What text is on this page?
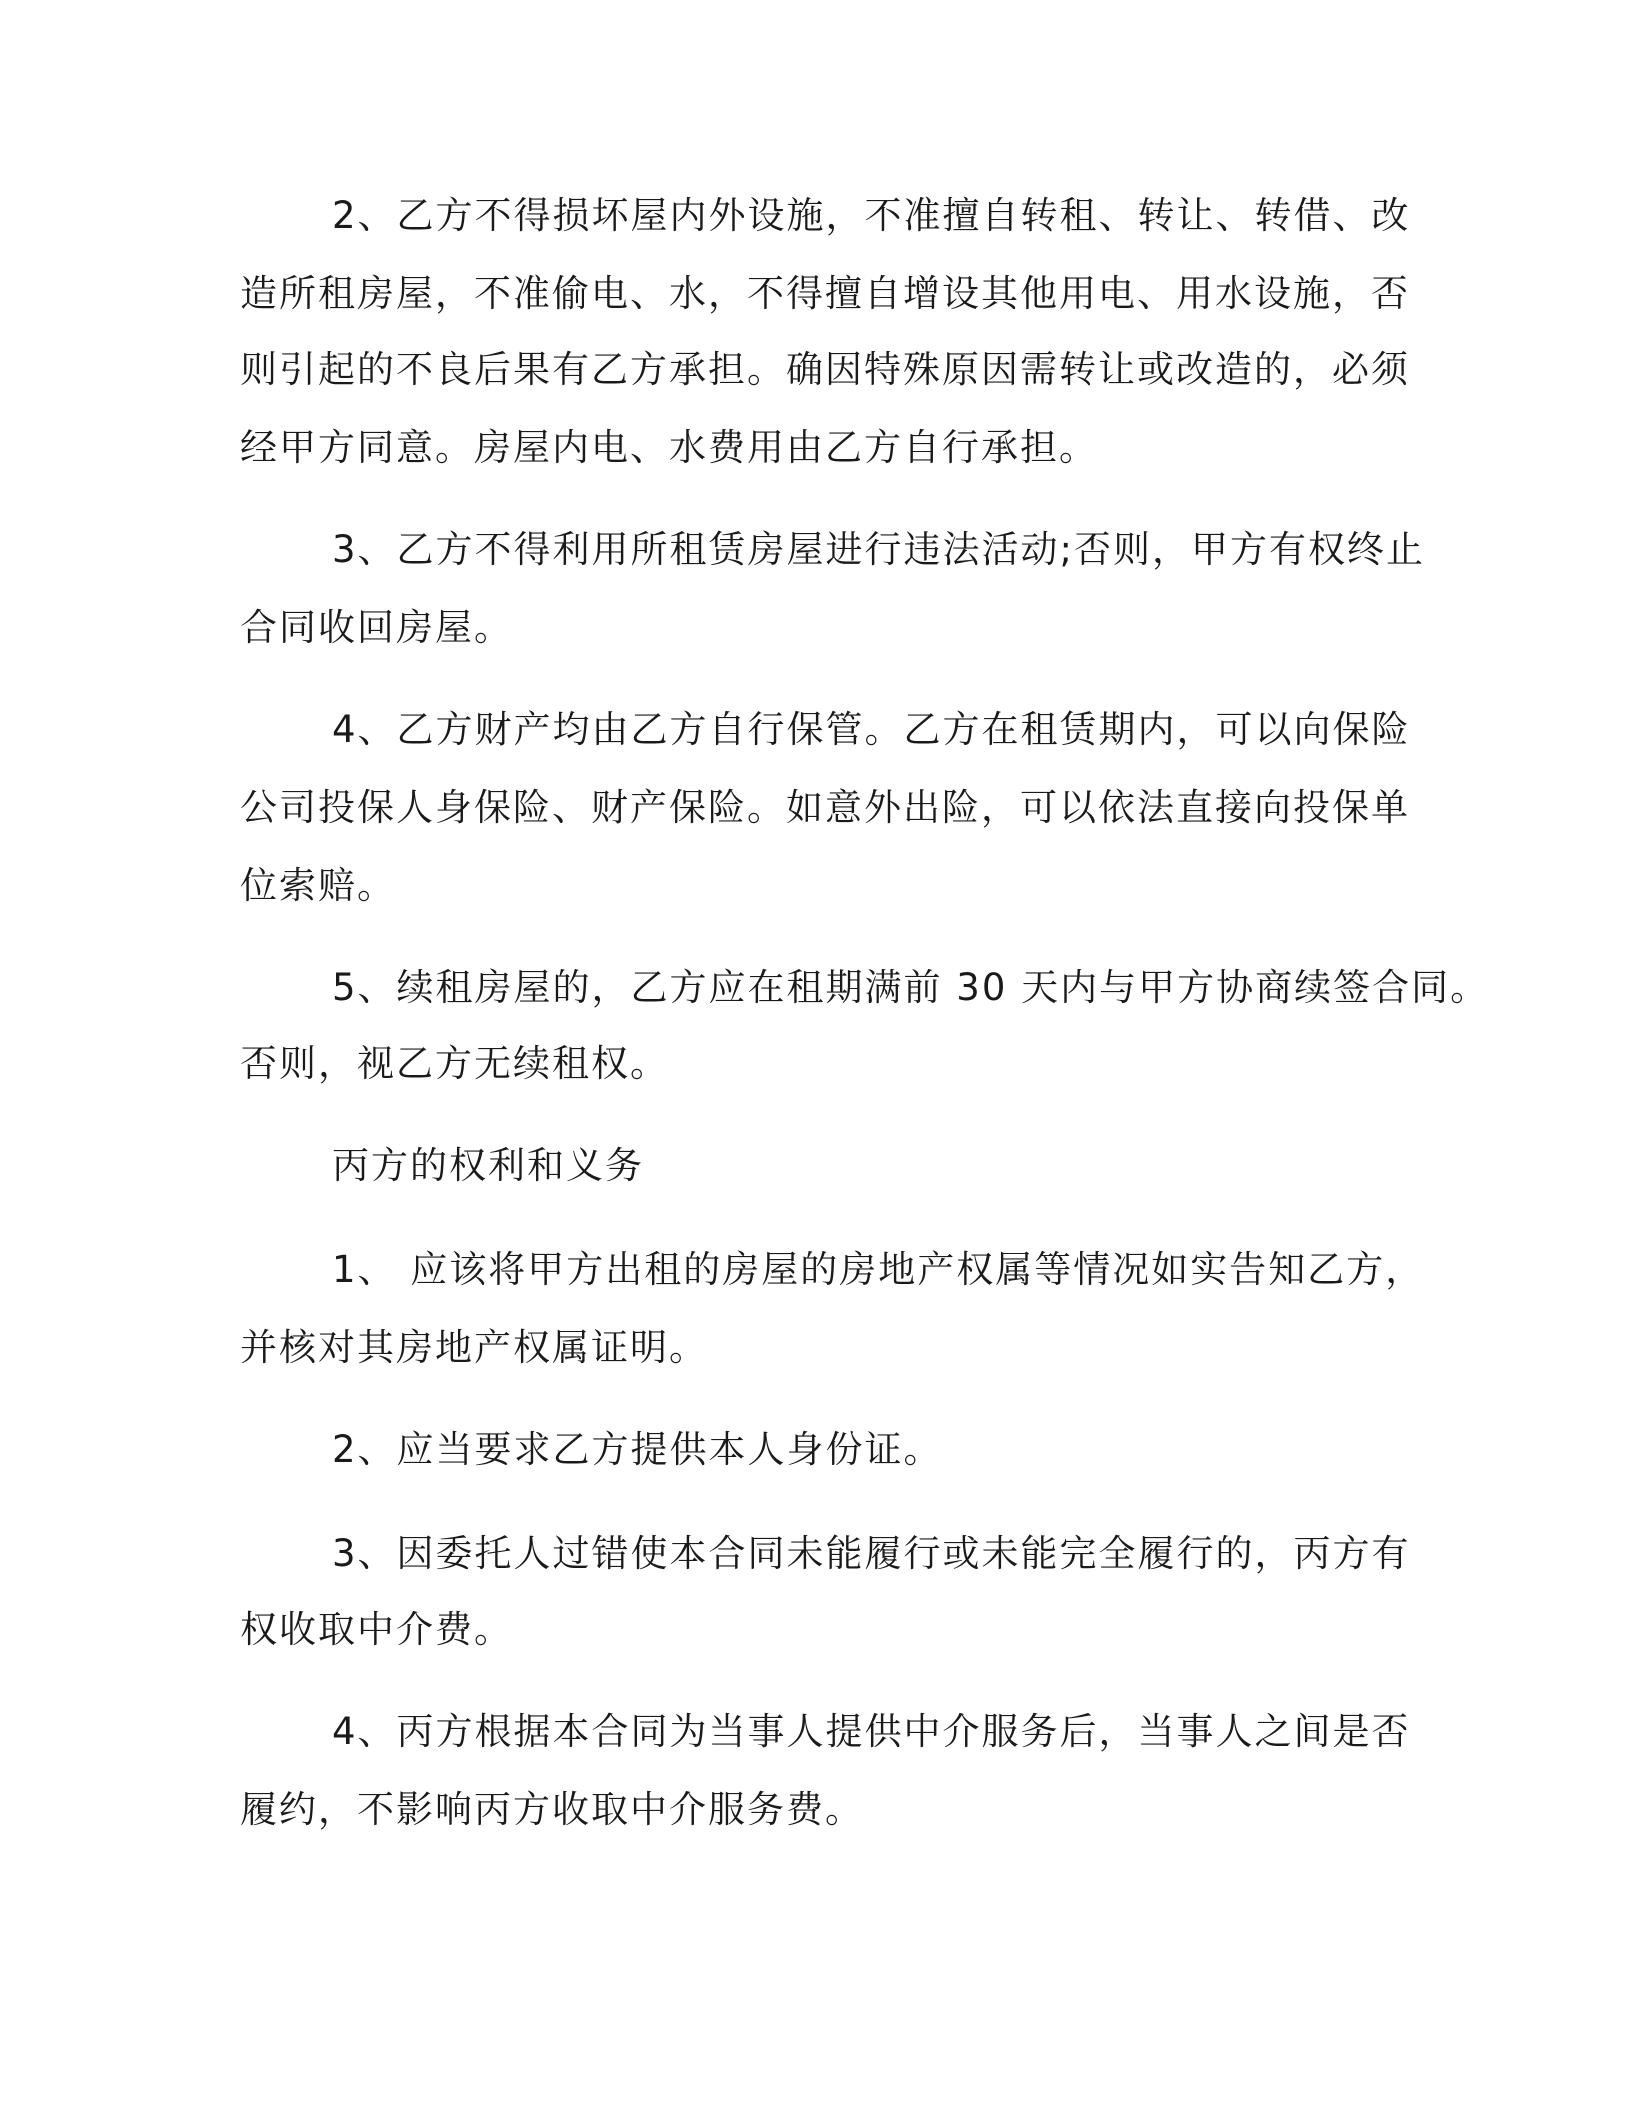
2、乙方不得损坏屋内外设施，不准擅自转租、转让、转借、改

造所租房屋，不准偷电、水，不得擅自增设其他用电、用水设施，否

则引起的不良后果有乙方承担。确因特殊原因需转让或改造的，必须

经甲方同意。房屋内电、水费用由乙方自行承担。

3、乙方不得利用所租赁房屋进行违法活动;否则，甲方有权终止

合同收回房屋。

4、乙方财产均由乙方自行保管。乙方在租赁期内，可以向保险

公司投保人身保险、财产保险。如意外出险，可以依法直接向投保单

位索赔。

5、续租房屋的，乙方应在租期满前 30 天内与甲方协商续签合同。

否则，视乙方无续租权。

丙方的权利和义务

1、 应该将甲方出租的房屋的房地产权属等情况如实告知乙方，

并核对其房地产权属证明。

2、应当要求乙方提供本人身份证。

3、因委托人过错使本合同未能履行或未能完全履行的，丙方有

权收取中介费。

4、丙方根据本合同为当事人提供中介服务后，当事人之间是否

履约，不影响丙方收取中介服务费。
